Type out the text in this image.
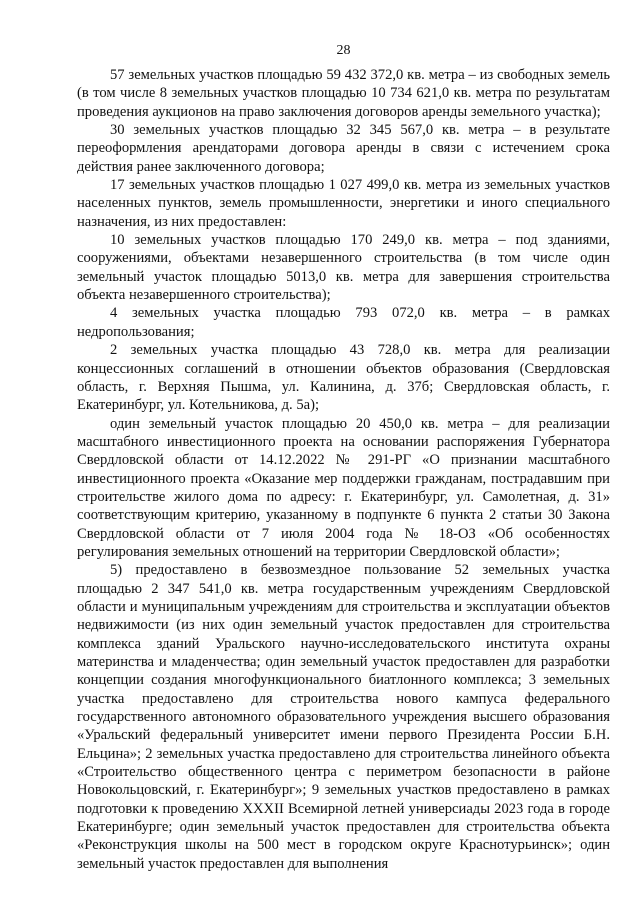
28

57 земельных участков площадью 59 432 372,0 кв. метра – из свободных земель (в том числе 8 земельных участков площадью 10 734 621,0 кв. метра по результатам проведения аукционов на право заключения договоров аренды земельного участка);

30 земельных участков площадью 32 345 567,0 кв. метра – в результате переоформления арендаторами договора аренды в связи с истечением срока действия ранее заключенного договора;

17 земельных участков площадью 1 027 499,0 кв. метра из земельных участков населенных пунктов, земель промышленности, энергетики и иного специального назначения, из них предоставлен:

10 земельных участков площадью 170 249,0 кв. метра – под зданиями, сооружениями, объектами незавершенного строительства (в том числе один земельный участок площадью 5013,0 кв. метра для завершения строительства объекта незавершенного строительства);

4 земельных участка площадью 793 072,0 кв. метра – в рамках недропользования;

2 земельных участка площадью 43 728,0 кв. метра для реализации концессионных соглашений в отношении объектов образования (Свердловская область, г. Верхняя Пышма, ул. Калинина, д. 37б; Свердловская область, г. Екатеринбург, ул. Котельникова, д. 5а);

один земельный участок площадью 20 450,0 кв. метра – для реализации масштабного инвестиционного проекта на основании распоряжения Губернатора Свердловской области от 14.12.2022 № 291-РГ «О признании масштабного инвестиционного проекта «Оказание мер поддержки гражданам, пострадавшим при строительстве жилого дома по адресу: г. Екатеринбург, ул. Самолетная, д. 31» соответствующим критерию, указанному в подпункте 6 пункта 2 статьи 30 Закона Свердловской области от 7 июля 2004 года № 18-ОЗ «Об особенностях регулирования земельных отношений на территории Свердловской области»;

5) предоставлено в безвозмездное пользование 52 земельных участка площадью 2 347 541,0 кв. метра государственным учреждениям Свердловской области и муниципальным учреждениям для строительства и эксплуатации объектов недвижимости (из них один земельный участок предоставлен для строительства комплекса зданий Уральского научно-исследовательского института охраны материнства и младенчества; один земельный участок предоставлен для разработки концепции создания многофункционального биатлонного комплекса; 3 земельных участка предоставлено для строительства нового кампуса федерального государственного автономного образовательного учреждения высшего образования «Уральский федеральный университет имени первого Президента России Б.Н. Ельцина»; 2 земельных участка предоставлено для строительства линейного объекта «Строительство общественного центра с периметром безопасности в районе Новокольцовский, г. Екатеринбург»; 9 земельных участков предоставлено в рамках подготовки к проведению XXXII Всемирной летней универсиады 2023 года в городе Екатеринбурге; один земельный участок предоставлен для строительства объекта «Реконструкция школы на 500 мест в городском округе Краснотурьинск»; один земельный участок предоставлен для выполнения
